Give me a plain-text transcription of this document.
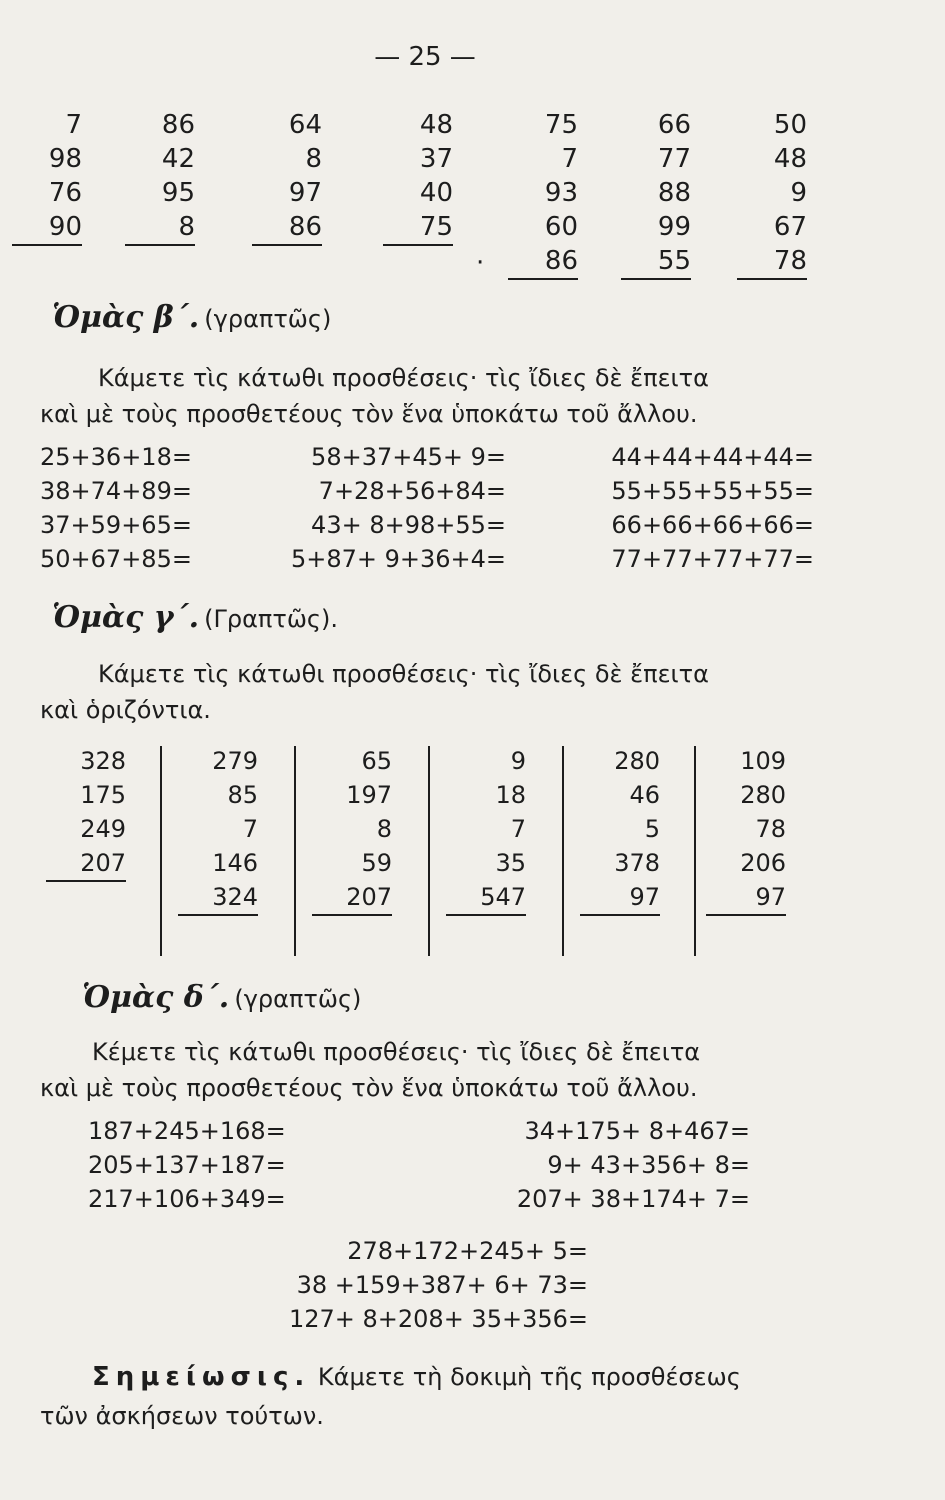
— 25 —
7
98
76
90
86
42
95
8
64
8
97
86
48
37
40
75
·
75
7
93
60
86
66
77
88
99
55
50
48
9
67
78
Ὁμὰς β΄. (γραπτῶς)
Κάμετε τὶς κάτωθι προσθέσεις· τὶς ἴδιες δὲ ἔπειτα
καὶ μὲ τοὺς προσθετέους τὸν ἕνα ὑποκάτω τοῦ ἄλλου.
25+36+18=
38+74+89=
37+59+65=
50+67+85=
58+37+45+ 9=
7+28+56+84=
43+ 8+98+55=
5+87+ 9+36+4=
44+44+44+44=
55+55+55+55=
66+66+66+66=
77+77+77+77=
Ὁμὰς γ΄. (Γραπτῶς).
Κάμετε τὶς κάτωθι προσθέσεις· τὶς ἴδιες δὲ ἔπειτα
καὶ ὁριζόντια.
328
175
249
207
279
85
7
146
324
65
197
8
59
207
9
18
7
35
547
280
46
5
378
97
109
280
78
206
97
Ὁμὰς δ΄. (γραπτῶς)
Κέμετε τὶς κάτωθι προσθέσεις· τὶς ἴδιες δὲ ἔπειτα
καὶ μὲ τοὺς προσθετέους τὸν ἕνα ὑποκάτω τοῦ ἄλλου.
187+245+168=
205+137+187=
217+106+349=
34+175+ 8+467=
9+ 43+356+ 8=
207+ 38+174+ 7=
278+172+245+ 5=
38 +159+387+ 6+ 73=
127+ 8+208+ 35+356=
Σημείωσις. Κάμετε τὴ δοκιμὴ τῆς προσθέσεως
τῶν ἀσκήσεων τούτων.
